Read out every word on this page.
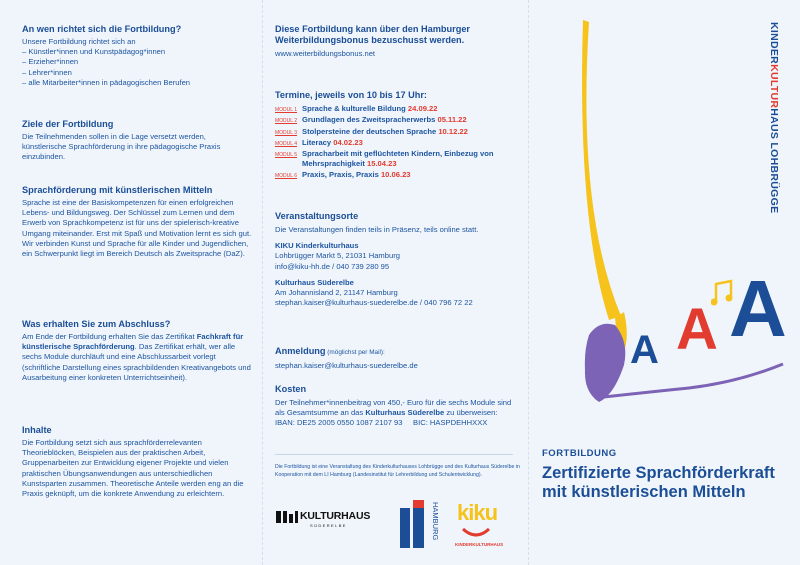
An wen richtet sich die Fortbildung?

Unsere Fortbildung richtet sich an

– Künstler*innen und Kunstpädagog*innen
– Erzieher*innen
– Lehrer*innen
– alle Mitarbeiter*innen in pädagogischen Berufen
Ziele der Fortbildung

Die Teilnehmenden sollen in die Lage versetzt werden, künstlerische Sprachförderung in ihre pädagogische Praxis einzubinden.

Sprachförderung mit künstlerischen Mitteln

Sprache ist eine der Basiskompetenzen für einen erfolgreichen Lebens- und Bildungsweg. Der Schlüssel zum Lernen und dem Erwerb von Sprachkompetenz ist für uns der spielerisch-kreative Umgang miteinander. Erst mit Spaß und Motivation lernt es sich gut.

Wir verbinden Kunst und Sprache für alle Kinder und Jugendlichen, ein Schwerpunkt liegt im Bereich Deutsch als Zweitsprache (DaZ).

Was erhalten Sie zum Abschluss?

Am Ende der Fortbildung erhalten Sie das Zertifikat Fachkraft für künstlerische Sprachförderung. Das Zertifikat erhält, wer alle sechs Module durchläuft und eine Abschlussarbeit vorlegt (schriftliche Darstellung eines sprachbildenden Kreativangebots und Ausarbeitung einer konkreten Unterrichtseinheit).

Inhalte

Die Fortbildung setzt sich aus sprachförderrelevanten Theorieblöcken, Beispielen aus der praktischen Arbeit, Gruppenarbeiten zur Entwicklung eigener Projekte und vielen praktischen Übungsanwendungen aus unterschiedlichen Kunstsparten zusammen. Theoretische Anteile werden eng an die Praxis geknüpft, um die konkrete Anwendung zu erleichtern.

Diese Fortbildung kann über den Hamburger Weiterbildungsbonus bezuschusst werden.

www.weiterbildungsbonus.net

Termine, jeweils von 10 bis 17 Uhr:
MODUL 1 Sprache & kulturelle Bildung 24.09.22
MODUL 2 Grundlagen des Zweitspracherwerbs 05.11.22
MODUL 3 Stolpersteine der deutschen Sprache 10.12.22
MODUL 4 Literacy 04.02.23
MODUL 5 Spracharbeit mit geflüchteten Kindern, Einbezug von Mehrsprachigkeit 15.04.23
MODUL 6 Praxis, Praxis, Praxis 10.06.23
Veranstaltungsorte

Die Veranstaltungen finden teils in Präsenz, teils online statt.

KIKU Kinderkulturhaus

Lohbrügger Markt 5, 21031 Hamburg

info@kiku-hh.de / 040 739 280 95

Kulturhaus Süderelbe

Am Johannisland 2, 21147 Hamburg

stephan.kaiser@kulturhaus-suederelbe.de / 040 796 72 22

Anmeldung (möglichst per Mail):

stephan.kaiser@kulturhaus-suederelbe.de

Kosten

Der Teilnehmer*innenbeitrag von 450,- Euro für die sechs Module sind als Gesamtsumme an das Kulturhaus Süderelbe zu überweisen:

IBAN: DE25 2005 0550 1087 2107 93     BIC: HASPDEHHXXX

Die Fortbildung ist eine Veranstaltung des Kinderkulturhauses Lohbrügge und des Kulturhaus Süderelbe in Kooperation mit dem LI Hamburg (Landesinstitut für Lehrerbildung und Schulentwicklung).

KULTURHAUS
SÜDERELBE	HAMBURG kiku
KINDERKULTURHAUS
KINDERKULTURHAUS LOHBRÜGGE
A A A
FORTBILDUNG
Zertifizierte Sprachförderkraft mit künstlerischen Mitteln
